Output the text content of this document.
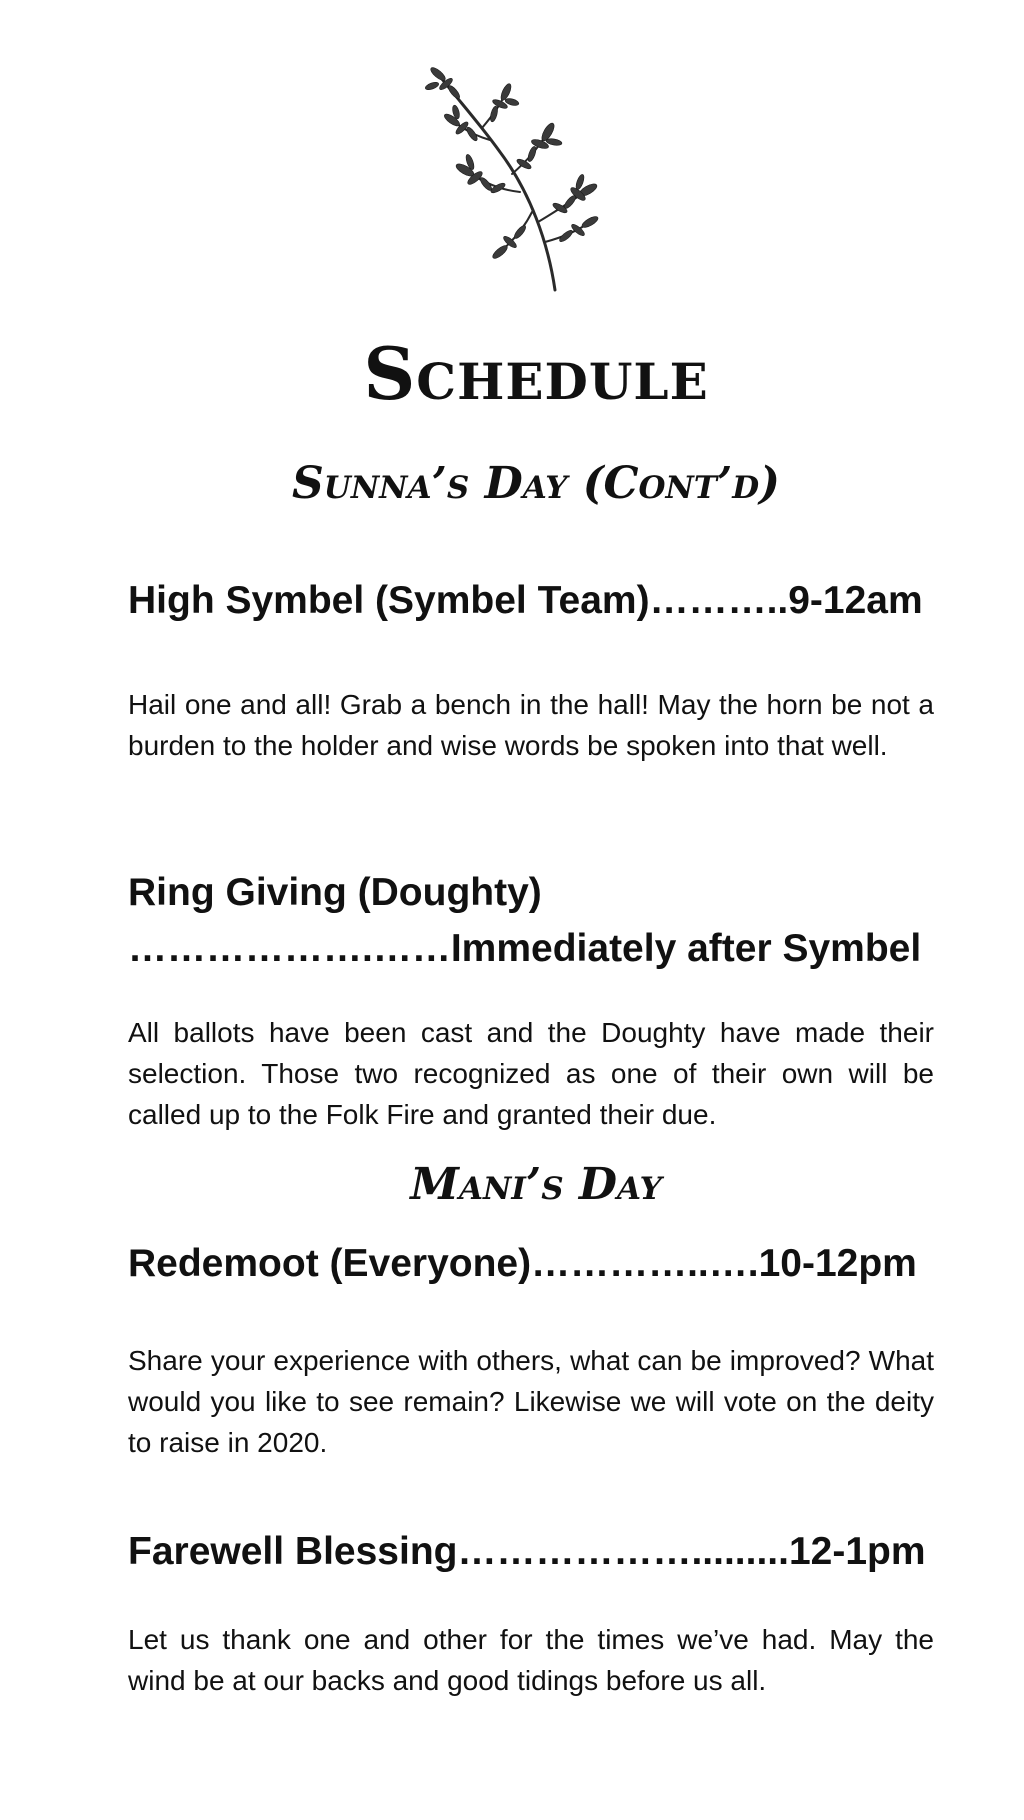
Schedule
Sunna’s Day (Cont’d)
High Symbel (Symbel Team)………..9-12am
Hail one and all! Grab a bench in the hall! May the horn be not a burden to the holder and wise words be spoken into that well.
Ring Giving (Doughty)
……………….……Immediately after Symbel
All ballots have been cast and the Doughty have made their selection. Those two recognized as one of their own will be called up to the Folk Fire and granted their due.
Mani’s Day
Redemoot (Everyone)…………..….10-12pm
Share your experience with others, what can be improved? What would you like to see remain? Likewise we will vote on the deity to raise in 2020.
Farewell Blessing……………….........12-1pm
Let us thank one and other for the times we’ve had. May the wind be at our backs and good tidings before us all.
